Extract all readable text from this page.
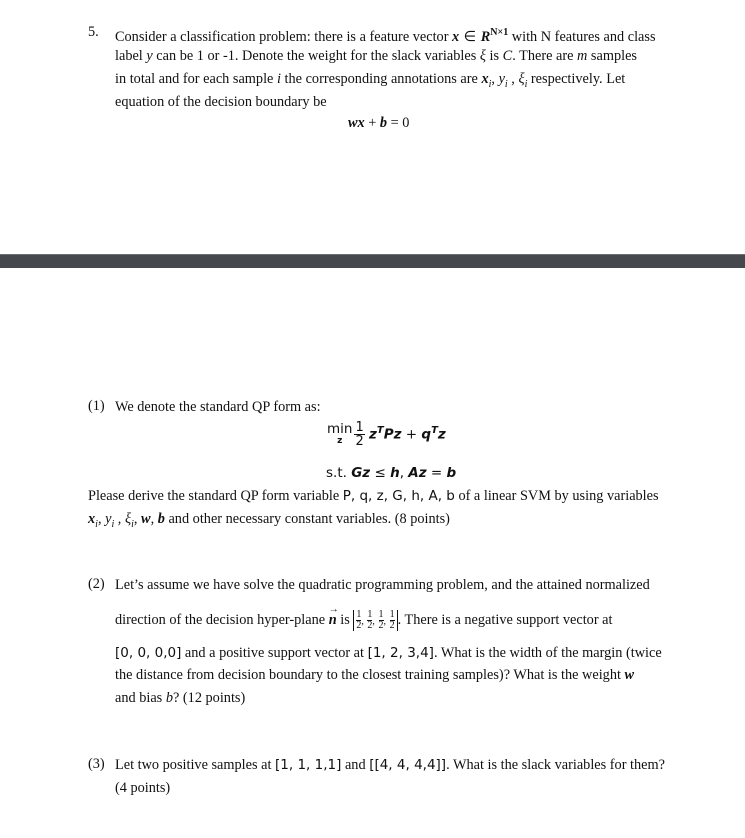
5. Consider a classification problem: there is a feature vector x ∈ $R^{N\times 1}$ with N features and class
label y can be 1 or -1. Denote the weight for the slack variables ξ is C. There are m samples
in total and for each sample i the corresponding annotations are $x_i$, $y_i$ , $\xi_i$ respectively. Let
equation of the decision boundary be
wx + b = 0
(1) We denote the standard QP form as:
min
z $\frac{1}{2} z^TPz + q^Tz$
s.t. Gz ≤ h, Az = b
Please derive the standard QP form variable P, q, z, G, h, A, b of a linear SVM by using variables
$x_i$, $y_i$ , $\xi_i$, w, b and other necessary constant variables. (8 points)
(2) Let’s assume we have solve the quadratic programming problem, and the attained normalized
direction of the decision hyper-plane n
→
is $\frac{1}{2}$ , $\frac{1}{2}$ , $\frac{1}{2}$ , $\frac{1}{2}$ . There is a negative support vector at
[0, 0, 0,0] and a positive support vector at [1, 2, 3,4]. What is the width of the margin (twice
the distance from decision boundary to the closest training samples)? What is the weight w
and bias b? (12 points)
(3) Let two positive samples at [1, 1, 1,1] and [[4, 4, 4,4]]. What is the slack variables for them?
(4 points)
